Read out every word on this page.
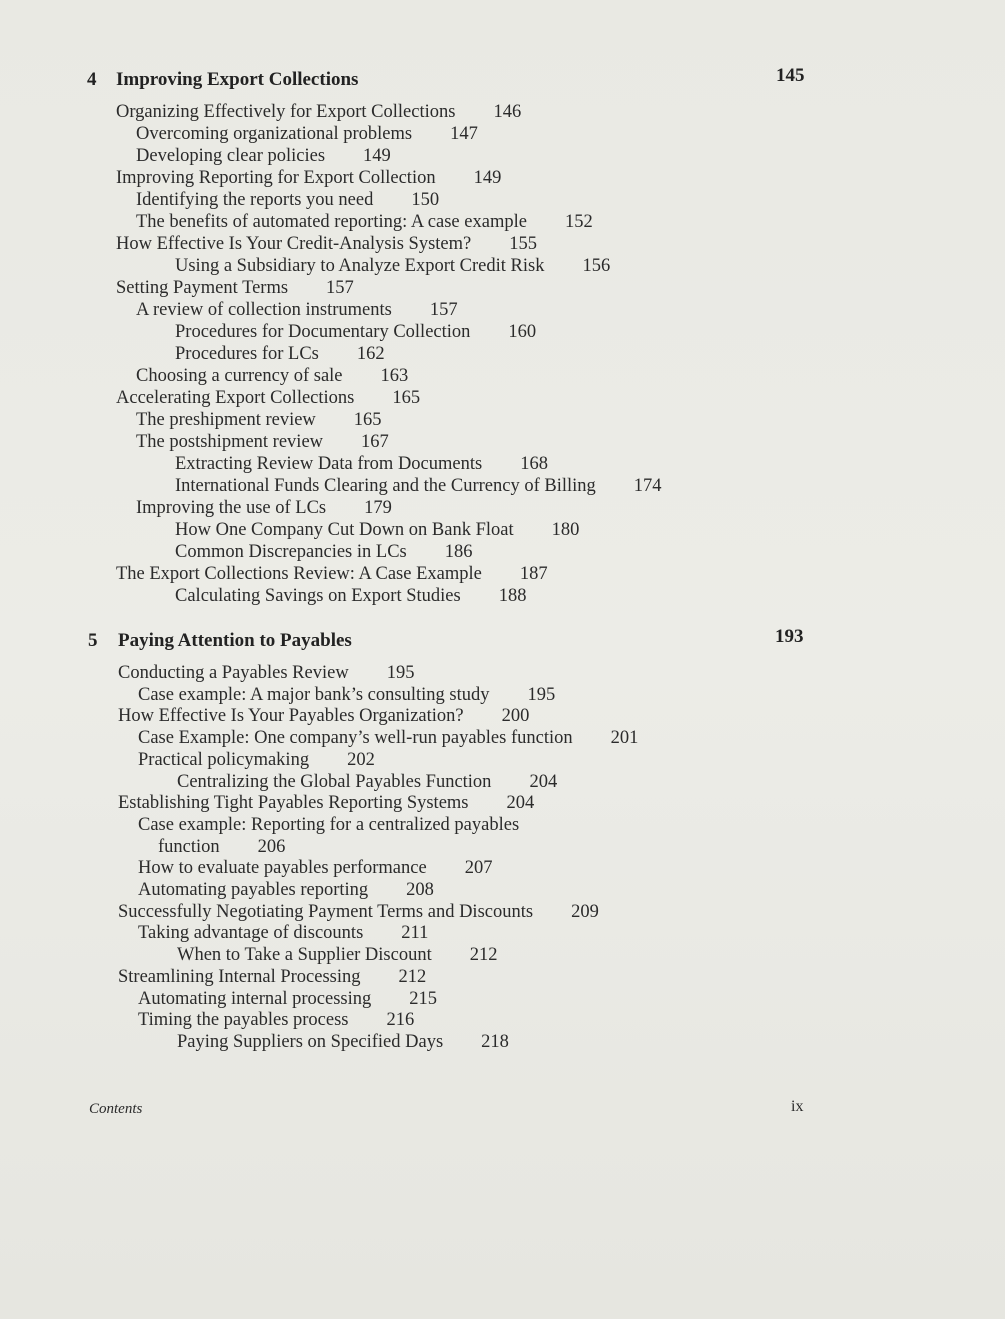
4 Improving Export Collections	145
Organizing Effectively for Export Collections 146
Overcoming organizational problems 147
Developing clear policies 149
Improving Reporting for Export Collection 149
Identifying the reports you need 150
The benefits of automated reporting: A case example 152
How Effective Is Your Credit-Analysis System? 155
Using a Subsidiary to Analyze Export Credit Risk 156
Setting Payment Terms 157
A review of collection instruments 157
Procedures for Documentary Collection 160
Procedures for LCs 162
Choosing a currency of sale 163
Accelerating Export Collections 165
The preshipment review 165
The postshipment review 167
Extracting Review Data from Documents 168
International Funds Clearing and the Currency of Billing 174
Improving the use of LCs 179
How One Company Cut Down on Bank Float 180
Common Discrepancies in LCs 186
The Export Collections Review: A Case Example 187
Calculating Savings on Export Studies 188
5 Paying Attention to Payables	193
Conducting a Payables Review 195
Case example: A major bank’s consulting study 195
How Effective Is Your Payables Organization? 200
Case Example: One company’s well-run payables function 201
Practical policymaking 202
Centralizing the Global Payables Function 204
Establishing Tight Payables Reporting Systems 204
Case example: Reporting for a centralized payables
function 206
How to evaluate payables performance 207
Automating payables reporting 208
Successfully Negotiating Payment Terms and Discounts 209
Taking advantage of discounts 211
When to Take a Supplier Discount 212
Streamlining Internal Processing 212
Automating internal processing 215
Timing the payables process 216
Paying Suppliers on Specified Days 218
Contents	ix
